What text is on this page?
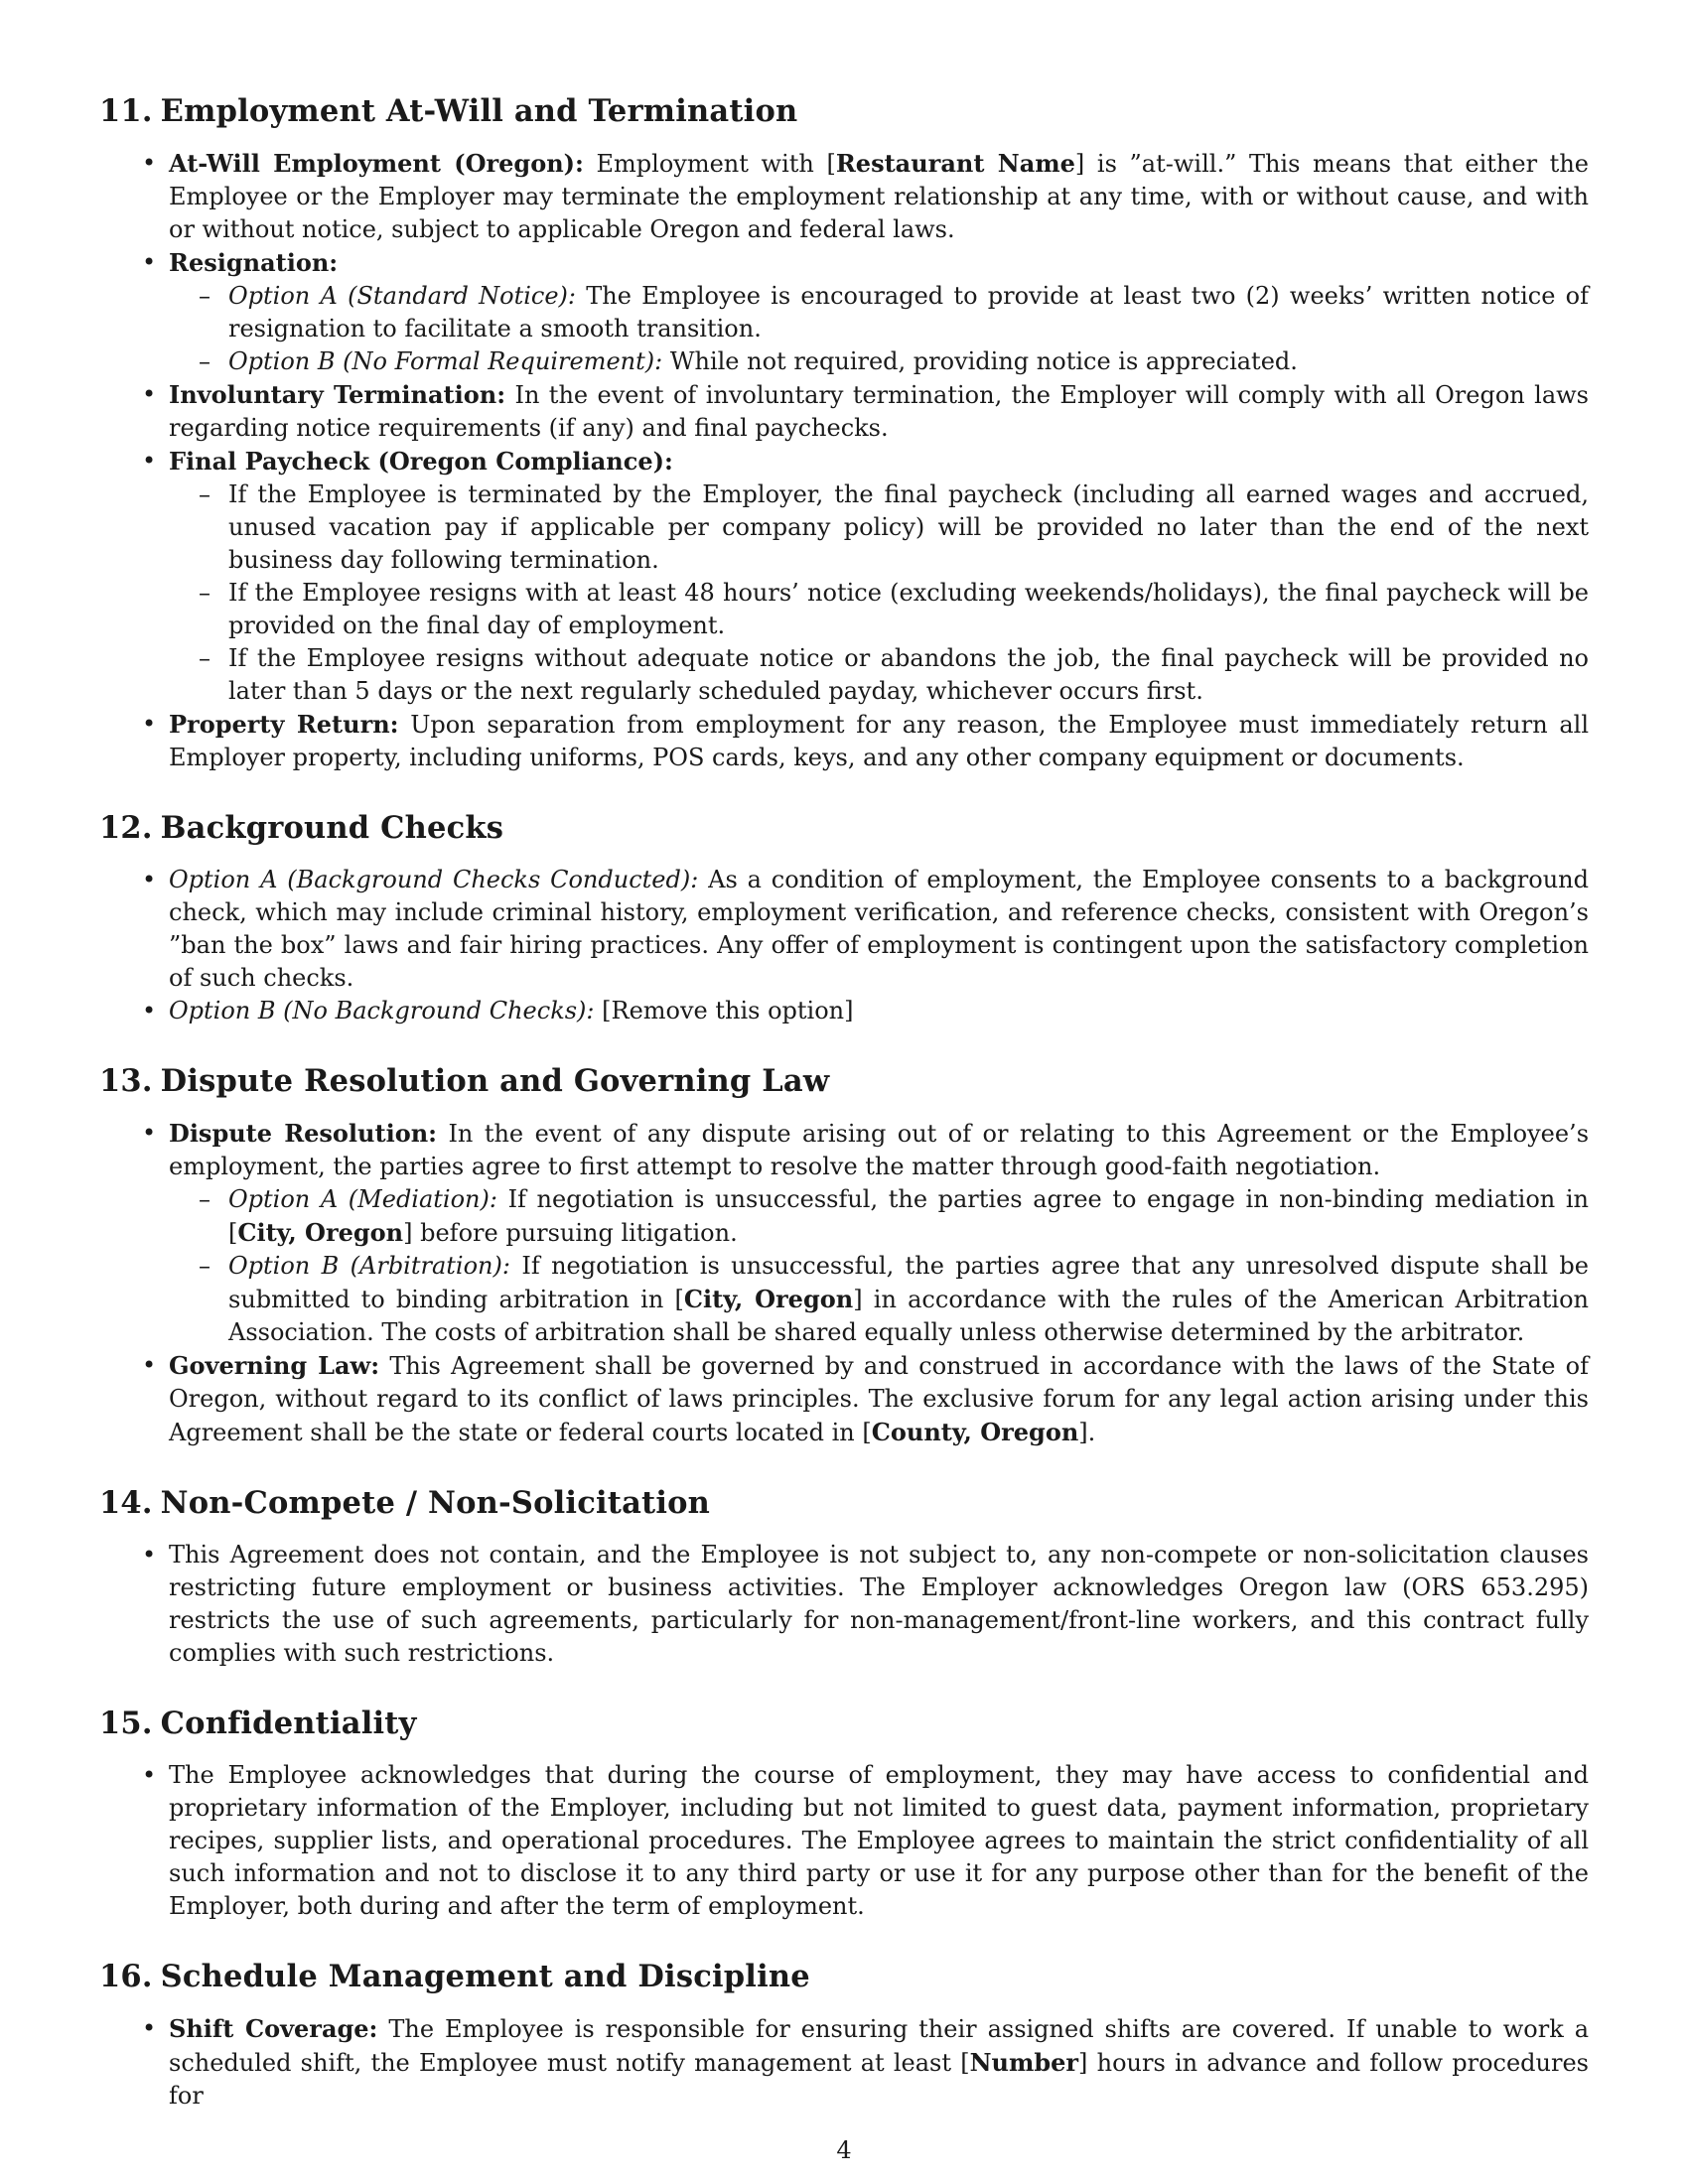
11. Employment At-Will and Termination
• At-Will Employment (Oregon): Employment with [Restaurant Name] is ”at-will.” This means that either the Employee or the Employer may terminate the employment relationship at any time, with or without cause, and with or without notice, subject to applicable Oregon and federal laws.
• Resignation:
– Option A (Standard Notice): The Employee is encouraged to provide at least two (2) weeks’ written notice of resignation to facilitate a smooth transition.
– Option B (No Formal Requirement): While not required, providing notice is appreciated.
• Involuntary Termination: In the event of involuntary termination, the Employer will comply with all Oregon laws regarding notice requirements (if any) and final paychecks.
• Final Paycheck (Oregon Compliance):
– If the Employee is terminated by the Employer, the final paycheck (including all earned wages and accrued, unused vacation pay if applicable per company policy) will be provided no later than the end of the next business day following termination.
– If the Employee resigns with at least 48 hours’ notice (excluding weekends/holidays), the final paycheck will be provided on the final day of employment.
– If the Employee resigns without adequate notice or abandons the job, the final paycheck will be provided no later than 5 days or the next regularly scheduled payday, whichever occurs first.
• Property Return: Upon separation from employment for any reason, the Employee must immediately return all Employer property, including uniforms, POS cards, keys, and any other company equipment or documents.
12. Background Checks
• Option A (Background Checks Conducted): As a condition of employment, the Employee consents to a background check, which may include criminal history, employment verification, and reference checks, consistent with Oregon’s ”ban the box” laws and fair hiring practices. Any offer of employment is contingent upon the satisfactory completion of such checks.
• Option B (No Background Checks): [Remove this option]
13. Dispute Resolution and Governing Law
• Dispute Resolution: In the event of any dispute arising out of or relating to this Agreement or the Employee’s employment, the parties agree to first attempt to resolve the matter through good-faith negotiation.
– Option A (Mediation): If negotiation is unsuccessful, the parties agree to engage in non-binding mediation in [City, Oregon] before pursuing litigation.
– Option B (Arbitration): If negotiation is unsuccessful, the parties agree that any unresolved dispute shall be submitted to binding arbitration in [City, Oregon] in accordance with the rules of the American Arbitration Association. The costs of arbitration shall be shared equally unless otherwise determined by the arbitrator.
• Governing Law: This Agreement shall be governed by and construed in accordance with the laws of the State of Oregon, without regard to its conflict of laws principles. The exclusive forum for any legal action arising under this Agreement shall be the state or federal courts located in [County, Oregon].
14. Non-Compete / Non-Solicitation
• This Agreement does not contain, and the Employee is not subject to, any non-compete or non-solicitation clauses restricting future employment or business activities. The Employer acknowledges Oregon law (ORS 653.295) restricts the use of such agreements, particularly for non-management/front-line workers, and this contract fully complies with such restrictions.
15. Confidentiality
• The Employee acknowledges that during the course of employment, they may have access to confidential and proprietary information of the Employer, including but not limited to guest data, payment information, proprietary recipes, supplier lists, and operational procedures. The Employee agrees to maintain the strict confidentiality of all such information and not to disclose it to any third party or use it for any purpose other than for the benefit of the Employer, both during and after the term of employment.
16. Schedule Management and Discipline
• Shift Coverage: The Employee is responsible for ensuring their assigned shifts are covered. If unable to work a scheduled shift, the Employee must notify management at least [Number] hours in advance and follow procedures for
4
